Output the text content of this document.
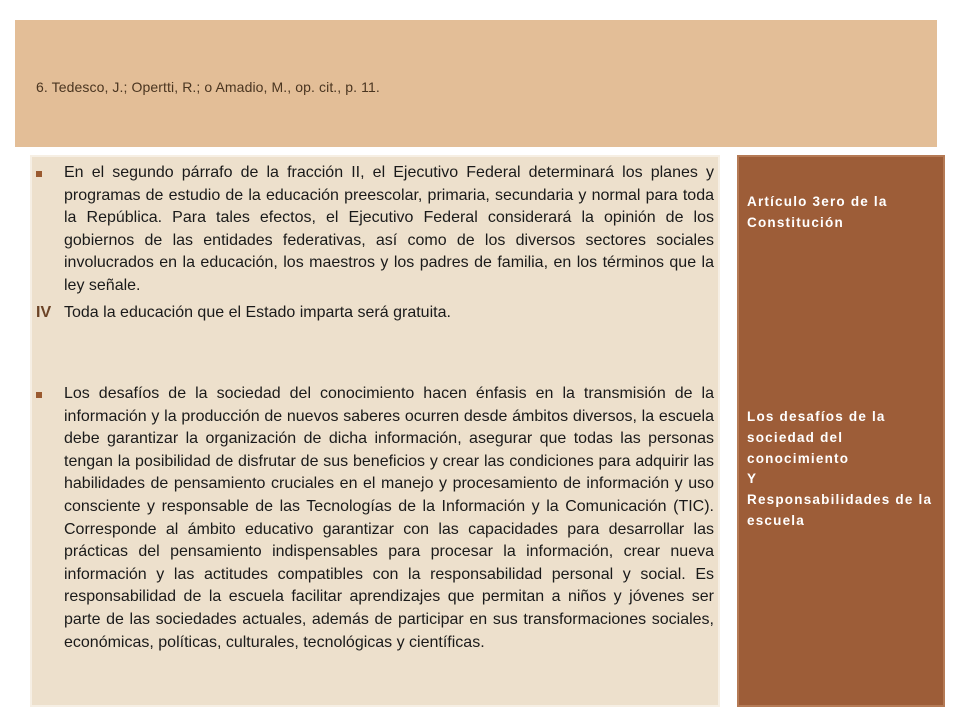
6. Tedesco, J.; Opertti, R.; o Amadio, M., op. cit., p. 11.

En el segundo párrafo de la fracción II, el Ejecutivo Federal determinará los planes y programas de estudio de la educación preescolar, primaria, secundaria y normal para toda la República. Para tales efectos, el Ejecutivo Federal considerará la opinión de los gobiernos de las entidades federativas, así como de los diversos sectores sociales involucrados en la educación, los maestros y los padres de familia, en los términos que la ley señale.

IV Toda la educación que el Estado imparta será gratuita.

Los desafíos de la sociedad del conocimiento hacen énfasis en la transmisión de la información y la producción de nuevos saberes ocurren desde ámbitos diversos, la escuela debe garantizar la organización de dicha información, asegurar que todas las personas tengan la posibilidad de disfrutar de sus beneficios y crear las condiciones para adquirir las habilidades de pensamiento cruciales en el manejo y procesamiento de información y uso consciente y responsable de las Tecnologías de la Información y la Comunicación (TIC). Corresponde al ámbito educativo garantizar con las capacidades para desarrollar las prácticas del pensamiento indispensables para procesar la información, crear nueva información y las actitudes compatibles con la responsabilidad personal y social. Es responsabilidad de la escuela facilitar aprendizajes que permitan a niños y jóvenes ser parte de las sociedades actuales, además de participar en sus transformaciones sociales, económicas, políticas, culturales, tecnológicas y científicas.

Artículo 3ero de la Constitución

Los desafíos de la sociedad del conocimiento
Y
Responsabilidades de la escuela
